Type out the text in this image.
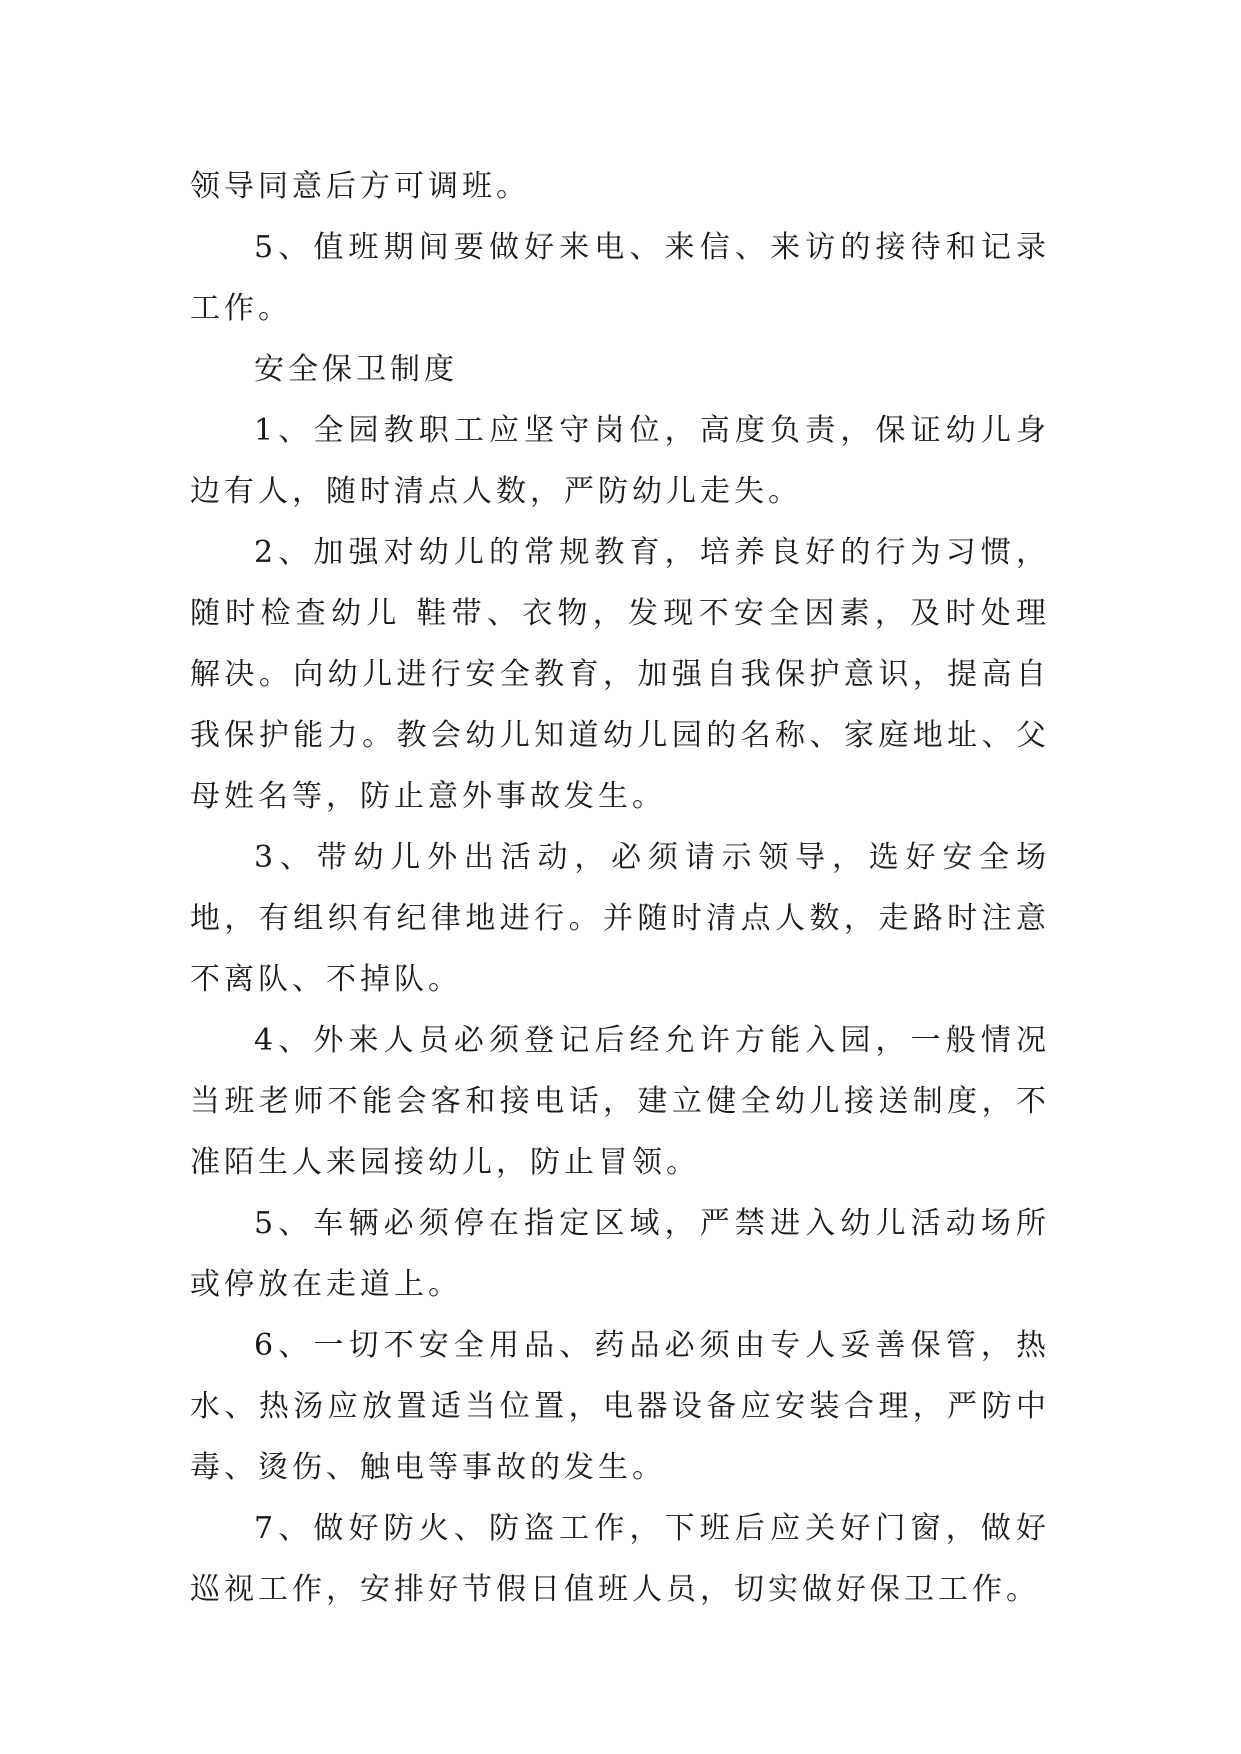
领导同意后方可调班。

5、值班期间要做好来电、来信、来访的接待和记录工作。

安全保卫制度

1、全园教职工应坚守岗位，高度负责，保证幼儿身边有人，随时清点人数，严防幼儿走失。

2、加强对幼儿的常规教育，培养良好的行为习惯，随时检查幼儿 鞋带、衣物，发现不安全因素，及时处理解决。向幼儿进行安全教育，加强自我保护意识，提高自我保护能力。教会幼儿知道幼儿园的名称、家庭地址、父母姓名等，防止意外事故发生。

3、带幼儿外出活动，必须请示领导，选好安全场地，有组织有纪律地进行。并随时清点人数，走路时注意不离队、不掉队。

4、外来人员必须登记后经允许方能入园，一般情况当班老师不能会客和接电话，建立健全幼儿接送制度，不准陌生人来园接幼儿，防止冒领。

5、车辆必须停在指定区域，严禁进入幼儿活动场所或停放在走道上。

6、一切不安全用品、药品必须由专人妥善保管，热水、热汤应放置适当位置，电器设备应安装合理，严防中毒、烫伤、触电等事故的发生。

7、做好防火、防盗工作，下班后应关好门窗，做好巡视工作，安排好节假日值班人员，切实做好保卫工作。
